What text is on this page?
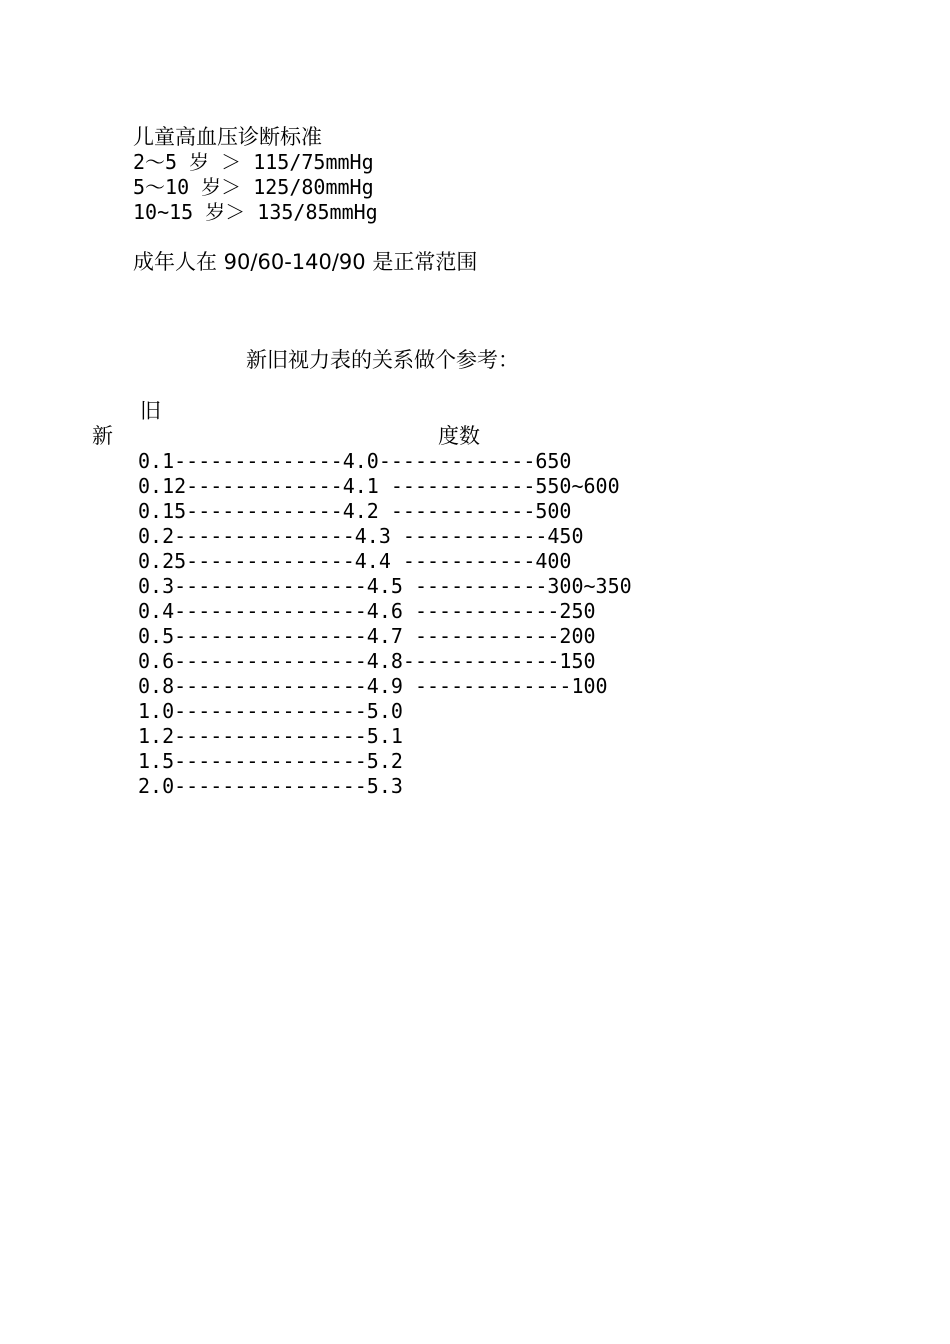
儿童高血压诊断标准
2～5 岁 ＞ 115/75mmHg
5～10 岁＞ 125/80mmHg
10~15 岁＞ 135/85mmHg
成年人在 90/60-140/90 是正常范围
新旧视力表的关系做个参考：
旧
新	度数
0.1--------------4.0-------------650
0.12-------------4.1 ------------550~600
0.15-------------4.2 ------------500
0.2---------------4.3 ------------450
0.25--------------4.4 -----------400
0.3----------------4.5 -----------300~350
0.4----------------4.6 ------------250
0.5----------------4.7 ------------200
0.6----------------4.8-------------150
0.8----------------4.9 -------------100
1.0----------------5.0
1.2----------------5.1
1.5----------------5.2
2.0----------------5.3
